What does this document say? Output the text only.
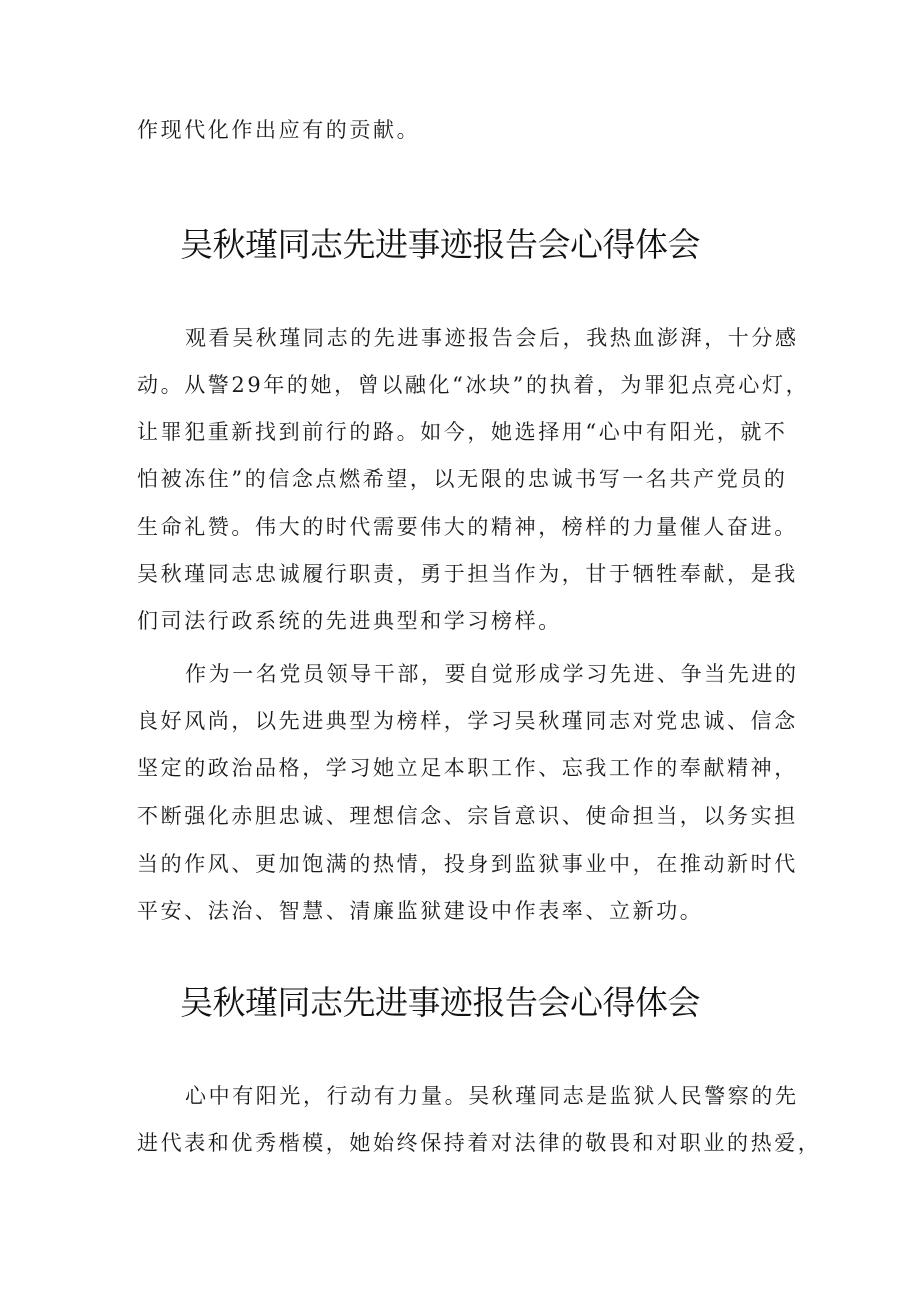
作现代化作出应有的贡献。
吴秋瑾同志先进事迹报告会心得体会
观看吴秋瑾同志的先进事迹报告会后，我热血澎湃，十分感
动。从警29年的她，曾以融化“冰块”的执着，为罪犯点亮心灯，
让罪犯重新找到前行的路。如今，她选择用“心中有阳光，就不
怕被冻住”的信念点燃希望，以无限的忠诚书写一名共产党员的
生命礼赞。伟大的时代需要伟大的精神，榜样的力量催人奋进。
吴秋瑾同志忠诚履行职责，勇于担当作为，甘于牺牲奉献，是我
们司法行政系统的先进典型和学习榜样。
作为一名党员领导干部，要自觉形成学习先进、争当先进的
良好风尚，以先进典型为榜样，学习吴秋瑾同志对党忠诚、信念
坚定的政治品格，学习她立足本职工作、忘我工作的奉献精神，
不断强化赤胆忠诚、理想信念、宗旨意识、使命担当，以务实担
当的作风、更加饱满的热情，投身到监狱事业中，在推动新时代
平安、法治、智慧、清廉监狱建设中作表率、立新功。
吴秋瑾同志先进事迹报告会心得体会
心中有阳光，行动有力量。吴秋瑾同志是监狱人民警察的先
进代表和优秀楷模，她始终保持着对法律的敬畏和对职业的热爱，
